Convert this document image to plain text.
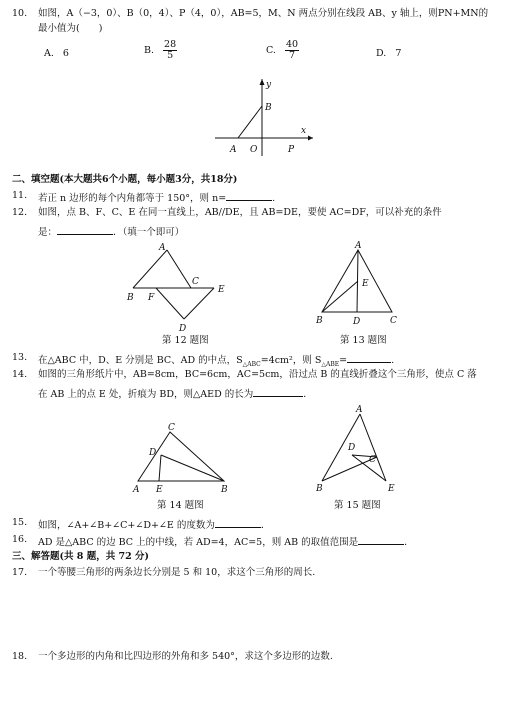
10. 如图，A（−3，0）、B（0，4）、P（4，0），AB=5，M、N 两点分别在线段 AB、y 轴上，则PN+MN的
最小值为(　　)
A. 6	B. $\frac{28}{5}$	C. $\frac{40}{7}$	D. 7
y
x
B
A O	P
二、填空题(本大题共6个小题，每小题3分，共18分)
11. 若正 n 边形的每个内角都等于 150°，则 n=	.
12. 如图，点 B、F、C、E 在同一直线上，AB//DE，且 AB=DE，要使 AC=DF，可以补充的条件
是：	．（填一个即可）
A
C
E
B F
D
第 12 题图
A
E
B	D	C
第 13 题图
13. 在△ABC 中，D、E 分别是 BC、AD 的中点，$S_{\triangle ABC}=4cm^2$，则 $S_{\triangle ABE}=$	.
14. 如图的三角形纸片中，AB=8cm，BC=6cm，AC=5cm，沿过点 B 的直线折叠这个三角形，使点 C 落
在 AB 上的点 E 处，折痕为 BD，则△AED 的长为	．
C
D
A E	B
第 14 题图
A
D
C
B	E
第 15 题图
15. 如图，∠A+∠B+∠C+∠D+∠E 的度数为	．
16. AD 是△ABC 的边 BC 上的中线，若 AD=4，AC=5，则 AB 的取值范围是	．
三、解答题(共 8 题，共 72 分)
17. 一个等腰三角形的两条边长分别是 5 和 10，求这个三角形的周长.
18. 一个多边形的内角和比四边形的外角和多 540°，求这个多边形的边数.
